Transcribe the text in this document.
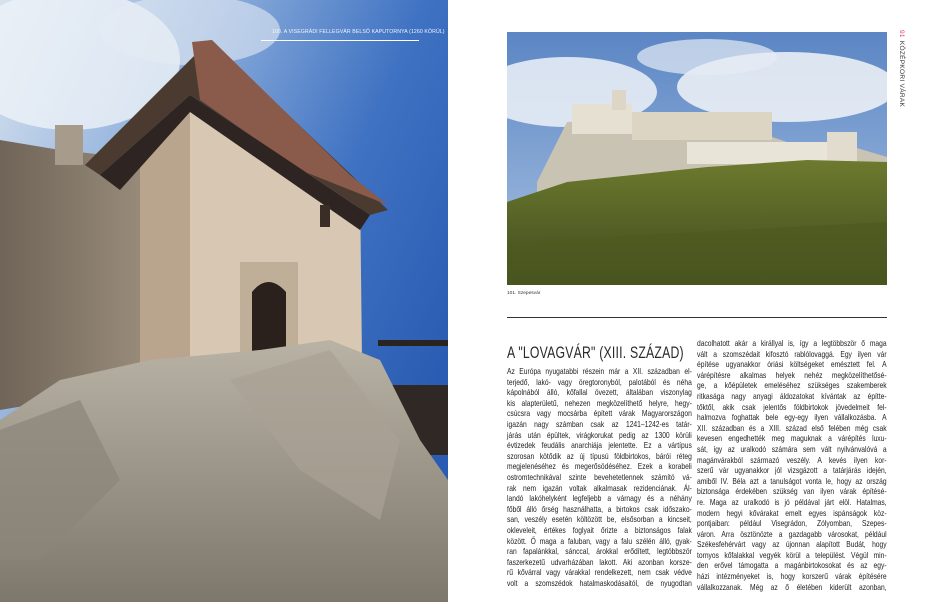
100. A VISEGRÁDI FELLEGVÁR BELSŐ KAPUTORNYA (1260 KÖRÜL)	91KÖZÉPKORI VÁRAK
101. Szepesvár
A "LOVAGVÁR" (XIII. SZÁZAD)
Az Európa nyugatabbi részein már a XII. században el-
terjedő, lakó- vagy öregtoronyból, palotából és néha
kápolnából álló, kőfallal övezett, általában viszonylag
kis alapterületű, nehezen megközelíthető helyre, hegy-
csúcsra vagy mocsárba épített várak Magyarországon
igazán nagy számban csak az 1241–1242-es tatár-
járás után épültek, virágkorukat pedig az 1300 körüli
évtizedek feudális anarchiája jelentette. Ez a vártípus
szorosan kötődik az új típusú földbirtokos, bárói réteg
megjelenéséhez és megerősödéséhez. Ezek a korabeli
ostromtechnikával szinte bevehetetlennek számító vá-
rak nem igazán voltak alkalmasak rezidenciának. Ál-
landó lakóhelyként legfeljebb a várnagy és a néhány
főből álló őrség használhatta, a birtokos csak időszako-
san, veszély esetén költözött be, elsősorban a kincseit,
okleveleit, értékes foglyait őrizte a biztonságos falak
között. Ő maga a faluban, vagy a falu szélén álló, gyak-
ran fapalánkkal, sánccal, árokkal erődített, legtöbbször
faszerkezetű udvarházában lakott. Aki azonban korsze-
rű kővárral vagy várakkal rendelkezett, nem csak védve
volt a szomszédok hatalmaskodásaitól, de nyugodtan
dacolhatott akár a királlyal is, így a legtöbbször ő maga
vált a szomszédait kifosztó rablólovaggá. Egy ilyen vár
építése ugyanakkor óriási költségeket emésztett fel. A
várépítésre alkalmas helyek nehéz megközelíthetősé-
ge, a kőépületek emeléséhez szükséges szakemberek
ritkasága nagy anyagi áldozatokat kívántak az építte-
tőktől, akik csak jelentős földbirtokok jövedelmeit fel-
halmozva foghattak bele egy-egy ilyen vállalkozásba. A
XII. században és a XIII. század első felében még csak
kevesen engedhették meg maguknak a várépítés luxu-
sát, így az uralkodó számára sem vált nyilvánvalóvá a
magánvárakból származó veszély. A kevés ilyen kor-
szerű vár ugyanakkor jól vizsgázott a tatárjárás idején,
amiből IV. Béla azt a tanulságot vonta le, hogy az ország
biztonsága érdekében szükség van ilyen várak építésé-
re. Maga az uralkodó is jó példával járt elöl. Hatalmas,
modern hegyi kővárakat emelt egyes ispánságok köz-
pontjaiban: például Visegrádon, Zólyomban, Szepes-
váron. Arra ösztönözte a gazdagabb városokat, például
Székesfehérvárt vagy az újonnan alapított Budát, hogy
tornyos kőfalakkal vegyék körül a települést. Végül min-
den erővel támogatta a magánbirtokosokat és az egy-
házi intézményeket is, hogy korszerű várak építésére
vállalkozzanak. Még az ő életében kiderült azonban,
